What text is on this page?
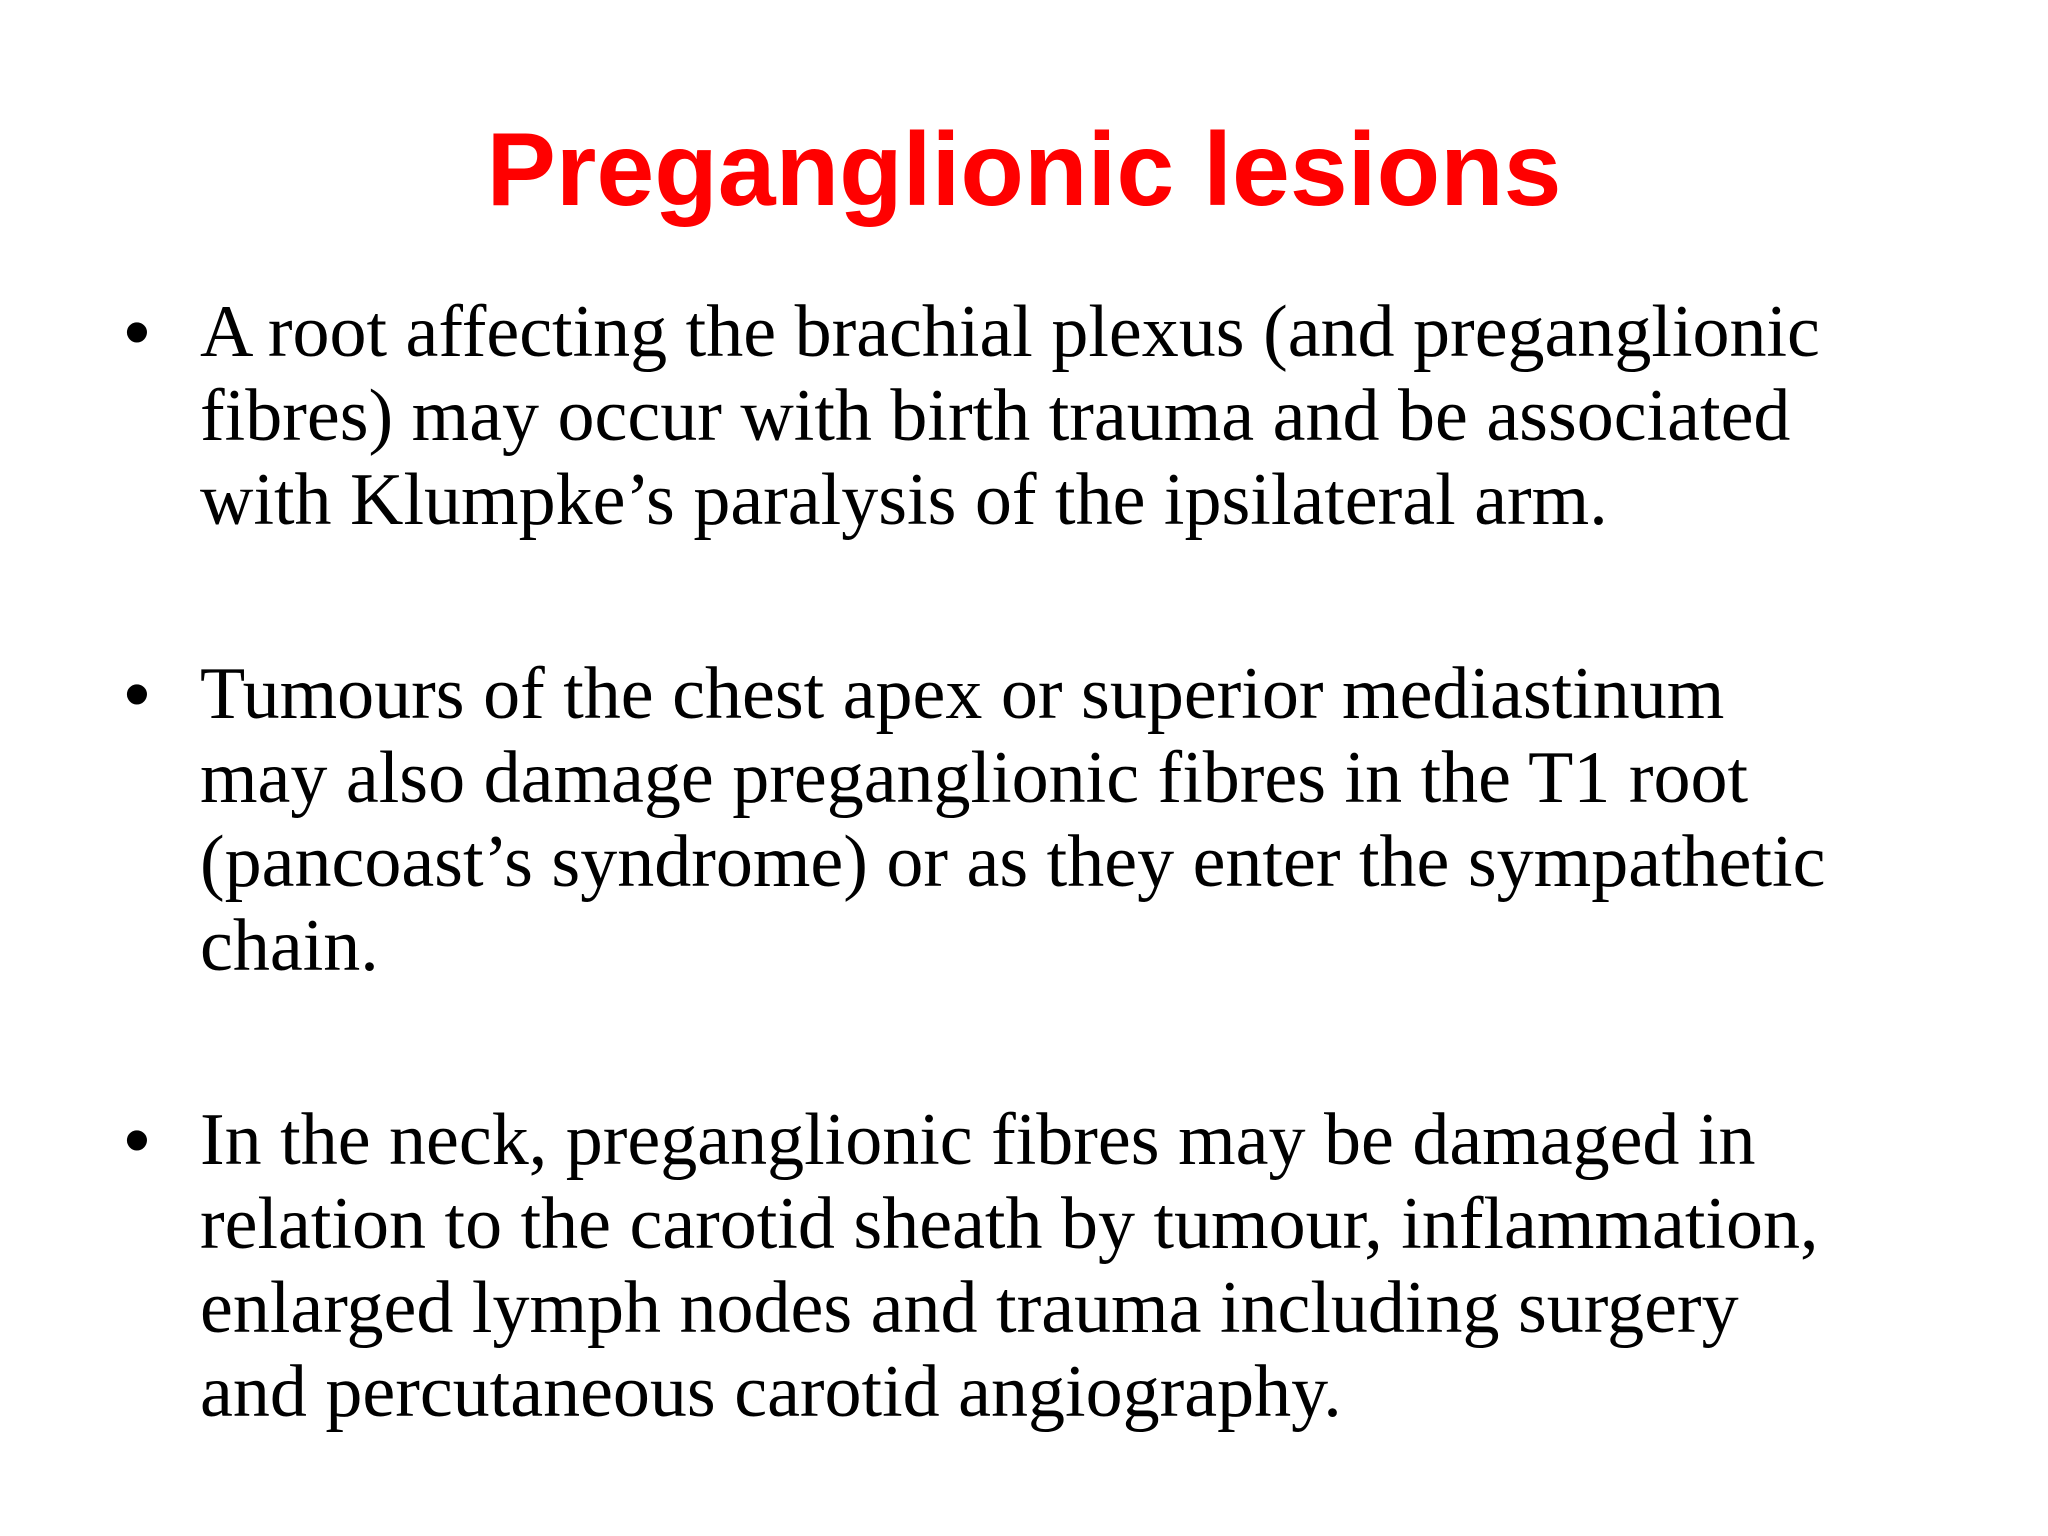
Preganglionic lesions
• A root affecting the brachial plexus (and preganglionic
fibres) may occur with birth trauma and be associated
with Klumpke’s paralysis of the ipsilateral arm.
• Tumours of the chest apex or superior mediastinum
may also damage preganglionic fibres in the T1 root
(pancoast’s syndrome) or as they enter the sympathetic
chain.
• In the neck, preganglionic fibres may be damaged in
relation to the carotid sheath by tumour, inflammation,
enlarged lymph nodes and trauma including surgery
and percutaneous carotid angiography.
